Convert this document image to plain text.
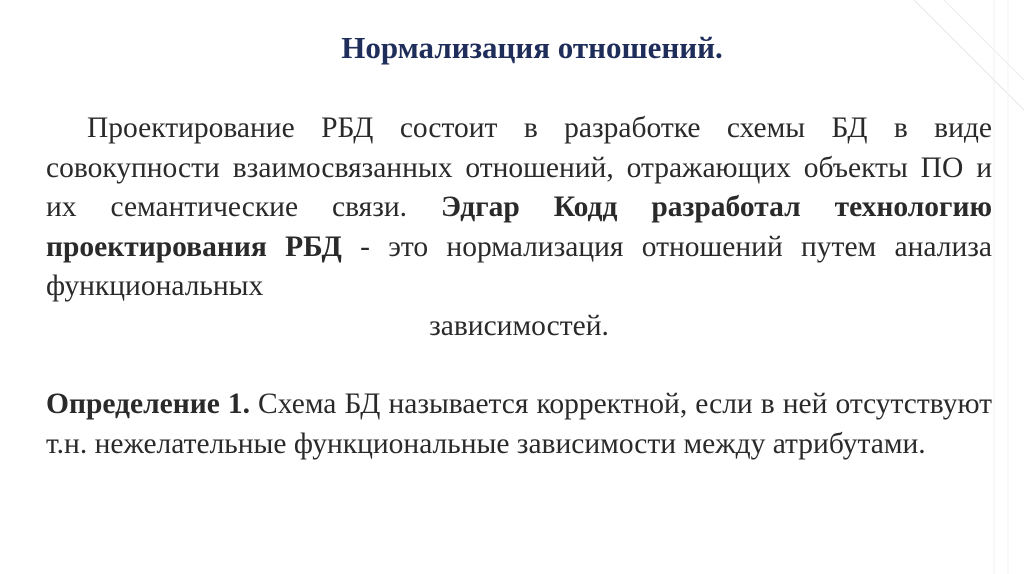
Нормализация отношений.

Проектирование РБД состоит в разработке схемы БД в виде совокупности взаимосвязанных отношений, отражающих объекты ПО и их семантические связи. Эдгар Кодд разработал технологию проектирования РБД - это нормализация отношений путем анализа функциональных
зависимостей.

Определение 1. Схема БД называется корректной, если в ней отсутствуют т.н. нежелательные функциональные зависимости между атрибутами.
